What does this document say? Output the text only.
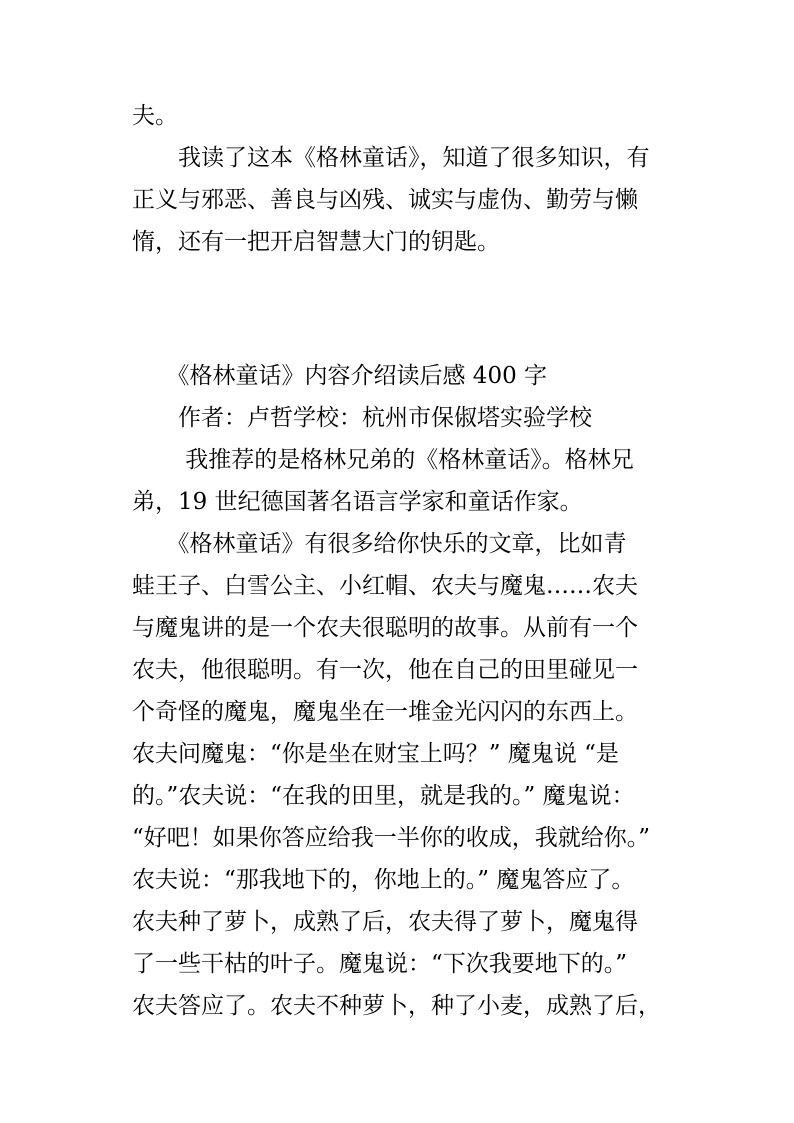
夫。
　　我读了这本《格林童话》，知道了很多知识，有
正义与邪恶、善良与凶残、诚实与虚伪、勤劳与懒
惰，还有一把开启智慧大门的钥匙。
　　《格林童话》内容介绍读后感 400 字
　　作者：卢哲学校：杭州市保俶塔实验学校
　　 我推荐的是格林兄弟的《格林童话》。格林兄
弟，19 世纪德国著名语言学家和童话作家。
　　《格林童话》有很多给你快乐的文章，比如青
蛙王子、白雪公主、小红帽、农夫与魔鬼……农夫
与魔鬼讲的是一个农夫很聪明的故事。从前有一个
农夫，他很聪明。有一次，他在自己的田里碰见一
个奇怪的魔鬼，魔鬼坐在一堆金光闪闪的东西上。
农夫问魔鬼：“你是坐在财宝上吗？” 魔鬼说 “是
的。”农夫说：“在我的田里，就是我的。” 魔鬼说：
“好吧！如果你答应给我一半你的收成，我就给你。”
农夫说：“那我地下的，你地上的。” 魔鬼答应了。
农夫种了萝卜，成熟了后，农夫得了萝卜，魔鬼得
了一些干枯的叶子。魔鬼说：“下次我要地下的。”
农夫答应了。农夫不种萝卜，种了小麦，成熟了后，
